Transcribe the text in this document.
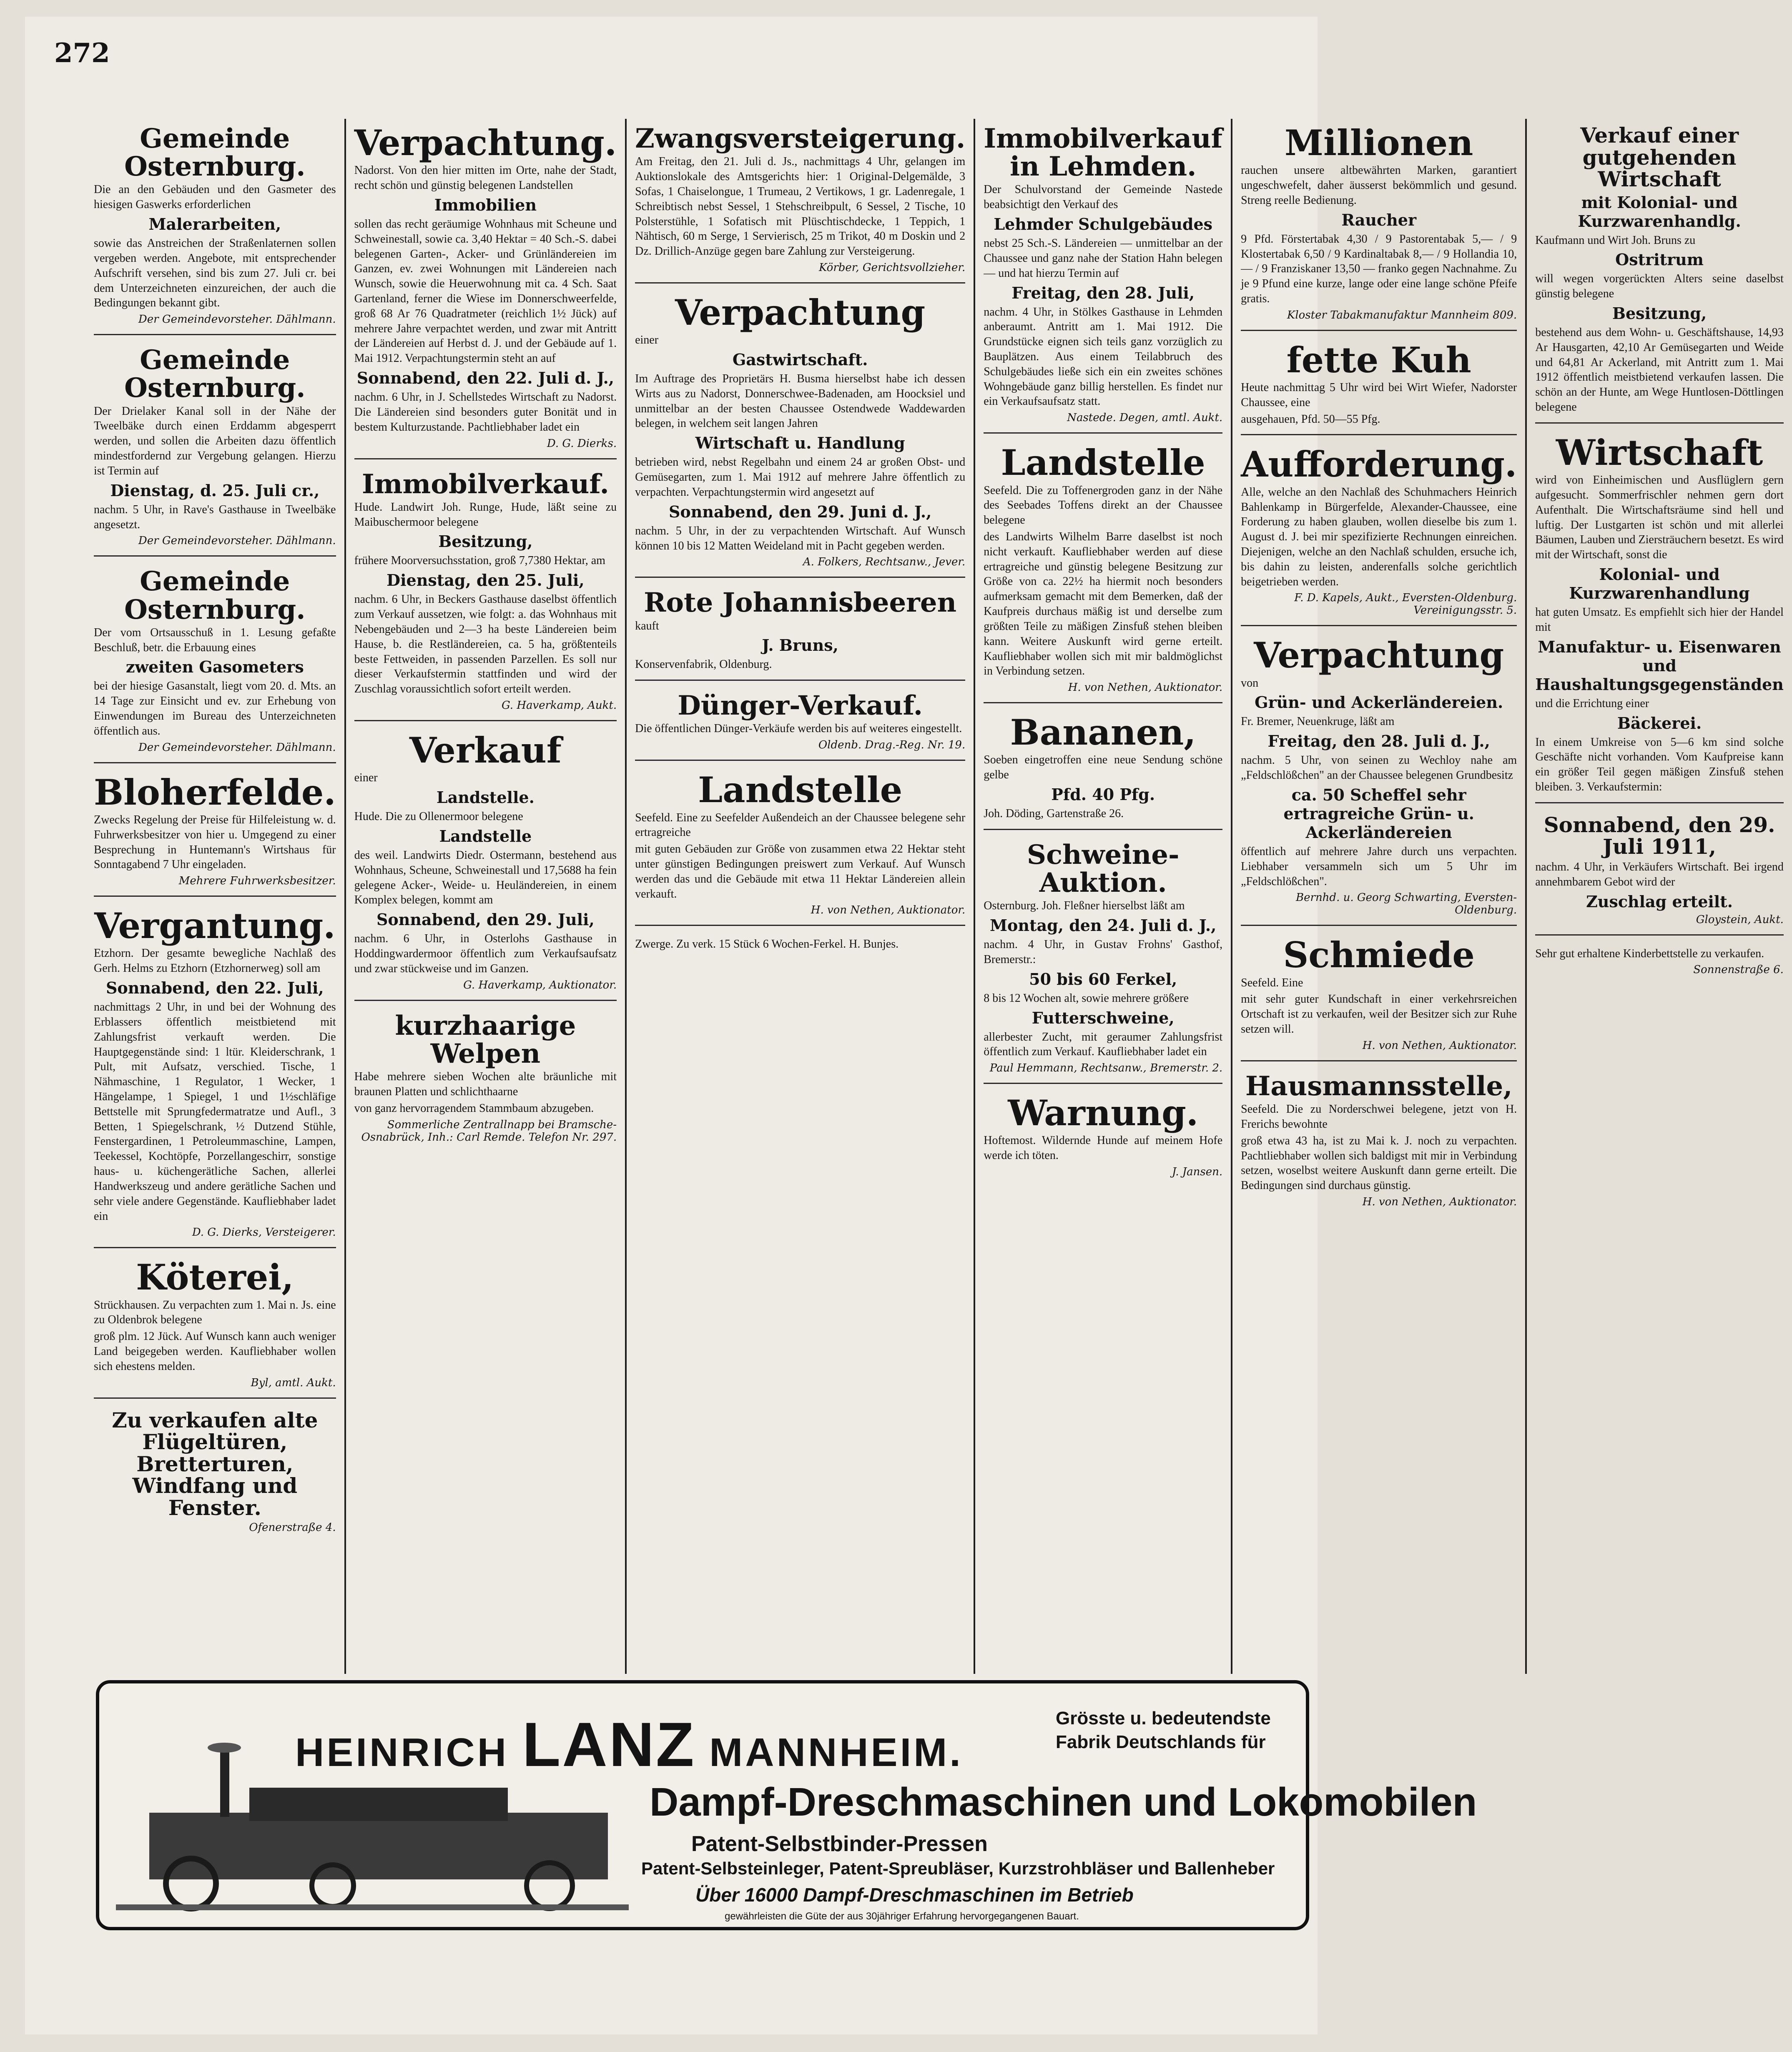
272
Gemeinde Osternburg.
Die an den Gebäuden und den Gasmeter des hiesigen Gaswerks erforderlichen
Malerarbeiten,
sowie das Anstreichen der Straßenlaternen sollen vergeben werden. Angebote, mit entsprechender Aufschrift versehen, sind bis zum 27. Juli cr. bei dem Unterzeichneten einzureichen, der auch die Bedingungen bekannt gibt.
Der Gemeindevorsteher. Dählmann.
Gemeinde Osternburg.
Der Drielaker Kanal soll in der Nähe der Tweelbäke durch einen Erddamm abgesperrt werden, und sollen die Arbeiten dazu öffentlich mindestfordernd zur Vergebung gelangen. Hierzu ist Termin auf
Dienstag, d. 25. Juli cr.,
nachm. 5 Uhr, in Rave's Gasthause in Tweelbäke angesetzt.
Der Gemeindevorsteher. Dählmann.
Gemeinde Osternburg.
Der vom Ortsausschuß in 1. Lesung gefaßte Beschluß, betr. die Erbauung eines
zweiten Gasometers
bei der hiesige Gasanstalt, liegt vom 20. d. Mts. an 14 Tage zur Einsicht und ev. zur Erhebung von Einwendungen im Bureau des Unterzeichneten öffentlich aus.
Der Gemeindevorsteher. Dählmann.
Bloherfelde.
Zwecks Regelung der Preise für Hilfeleistung w. d. Fuhrwerksbesitzer von hier u. Umgegend zu einer Besprechung in Huntemann's Wirtshaus für Sonntagabend 7 Uhr eingeladen.
Mehrere Fuhrwerksbesitzer.
Vergantung.
Etzhorn. Der gesamte bewegliche Nachlaß des Gerh. Helms zu Etzhorn (Etzhornerweg) soll am
Sonnabend, den 22. Juli,
nachmittags 2 Uhr, in und bei der Wohnung des Erblassers öffentlich meistbietend mit Zahlungsfrist verkauft werden. Die Hauptgegenstände sind: 1 ltür. Kleiderschrank, 1 Pult, mit Aufsatz, verschied. Tische, 1 Nähmaschine, 1 Regulator, 1 Wecker, 1 Hängelampe, 1 Spiegel, 1 und 1½schläfige Bettstelle mit Sprungfedermatratze und Aufl., 3 Betten, 1 Spiegelschrank, ½ Dutzend Stühle, Fenstergardinen, 1 Petroleummaschine, Lampen, Teekessel, Kochtöpfe, Porzellangeschirr, sonstige haus- u. küchengerätliche Sachen, allerlei Handwerkszeug und andere gerätliche Sachen und sehr viele andere Gegenstände. Kaufliebhaber ladet ein
D. G. Dierks, Versteigerer.
Köterei,
Strückhausen. Zu verpachten zum 1. Mai n. Js. eine zu Oldenbrok belegene
groß plm. 12 Jück. Auf Wunsch kann auch weniger Land beigegeben werden. Kaufliebhaber wollen sich ehestens melden.
Byl, amtl. Aukt.
Zu verkaufen alte Flügeltüren, Bretterturen, Windfang und Fenster.
Ofenerstraße 4.
Verpachtung.
Nadorst. Von den hier mitten im Orte, nahe der Stadt, recht schön und günstig belegenen Landstellen
Immobilien
sollen das recht geräumige Wohnhaus mit Scheune und Schweinestall, sowie ca. 3,40 Hektar = 40 Sch.-S. dabei belegenen Garten-, Acker- und Grünländereien im Ganzen, ev. zwei Wohnungen mit Ländereien nach Wunsch, sowie die Heuerwohnung mit ca. 4 Sch. Saat Gartenland, ferner die Wiese im Donnerschweerfelde, groß 68 Ar 76 Quadratmeter (reichlich 1½ Jück) auf mehrere Jahre verpachtet werden, und zwar mit Antritt der Ländereien auf Herbst d. J. und der Gebäude auf 1. Mai 1912. Verpachtungstermin steht an auf
Sonnabend, den 22. Juli d. J.,
nachm. 6 Uhr, in J. Schellstedes Wirtschaft zu Nadorst. Die Ländereien sind besonders guter Bonität und in bestem Kulturzustande. Pachtliebhaber ladet ein
D. G. Dierks.
Immobilverkauf.
Hude. Landwirt Joh. Runge, Hude, läßt seine zu Maibuschermoor belegene
Besitzung,
frühere Moorversuchsstation, groß 7,7380 Hektar, am
Dienstag, den 25. Juli,
nachm. 6 Uhr, in Beckers Gasthause daselbst öffentlich zum Verkauf aussetzen, wie folgt: a. das Wohnhaus mit Nebengebäuden und 2—3 ha beste Ländereien beim Hause, b. die Restländereien, ca. 5 ha, größtenteils beste Fettweiden, in passenden Parzellen. Es soll nur dieser Verkaufstermin stattfinden und wird der Zuschlag voraussichtlich sofort erteilt werden.
G. Haverkamp, Aukt.
Verkauf
einer
Landstelle.
Hude. Die zu Ollenermoor belegene
Landstelle
des weil. Landwirts Diedr. Ostermann, bestehend aus Wohnhaus, Scheune, Schweinestall und 17,5688 ha fein gelegene Acker-, Weide- u. Heuländereien, in einem Komplex belegen, kommt am
Sonnabend, den 29. Juli,
nachm. 6 Uhr, in Osterlohs Gasthause in Hoddingwardermoor öffentlich zum Verkaufsaufsatz und zwar stückweise und im Ganzen.
G. Haverkamp, Auktionator.
kurzhaarige Welpen
Habe mehrere sieben Wochen alte bräunliche mit braunen Platten und schlichthaarne
von ganz hervorragendem Stammbaum abzugeben.
Sommerliche Zentrallnapp bei Bramsche-Osnabrück, Inh.: Carl Remde. Telefon Nr. 297.
Zwangsversteigerung.
Am Freitag, den 21. Juli d. Js., nachmittags 4 Uhr, gelangen im Auktionslokale des Amtsgerichts hier: 1 Original-Delgemälde, 3 Sofas, 1 Chaiselongue, 1 Trumeau, 2 Vertikows, 1 gr. Ladenregale, 1 Schreibtisch nebst Sessel, 1 Stehschreibpult, 6 Sessel, 2 Tische, 10 Polsterstühle, 1 Sofatisch mit Plüschtischdecke, 1 Teppich, 1 Nähtisch, 60 m Serge, 1 Servierisch, 25 m Trikot, 40 m Doskin und 2 Dz. Drillich-Anzüge gegen bare Zahlung zur Versteigerung.
Körber, Gerichtsvollzieher.
Verpachtung
einer
Gastwirtschaft.
Im Auftrage des Proprietärs H. Busma hierselbst habe ich dessen Wirts aus zu Nadorst, Donnerschwee-Badenaden, am Hoocksiel und unmittelbar an der besten Chaussee Ostendwede Waddewarden belegen, in welchem seit langen Jahren
Wirtschaft u. Handlung
betrieben wird, nebst Regelbahn und einem 24 ar großen Obst- und Gemüsegarten, zum 1. Mai 1912 auf mehrere Jahre öffentlich zu verpachten. Verpachtungstermin wird angesetzt auf
Sonnabend, den 29. Juni d. J.,
nachm. 5 Uhr, in der zu verpachtenden Wirtschaft. Auf Wunsch können 10 bis 12 Matten Weideland mit in Pacht gegeben werden.
A. Folkers, Rechtsanw., Jever.
Rote Johannisbeeren
kauft
J. Bruns,
Konservenfabrik, Oldenburg.
Dünger-Verkauf.
Die öffentlichen Dünger-Verkäufe werden bis auf weiteres eingestellt.
Oldenb. Drag.-Reg. Nr. 19.
Landstelle
Seefeld. Eine zu Seefelder Außendeich an der Chaussee belegene sehr ertragreiche
mit guten Gebäuden zur Größe von zusammen etwa 22 Hektar steht unter günstigen Bedingungen preiswert zum Verkauf. Auf Wunsch werden das und die Gebäude mit etwa 11 Hektar Ländereien allein verkauft.
H. von Nethen, Auktionator.
Zwerge. Zu verk. 15 Stück 6 Wochen-Ferkel. H. Bunjes.
Immobilverkauf in Lehmden.
Der Schulvorstand der Gemeinde Nastede beabsichtigt den Verkauf des
Lehmder Schulgebäudes
nebst 25 Sch.-S. Ländereien — unmittelbar an der Chaussee und ganz nahe der Station Hahn belegen — und hat hierzu Termin auf
Freitag, den 28. Juli,
nachm. 4 Uhr, in Stölkes Gasthause in Lehmden anberaumt. Antritt am 1. Mai 1912. Die Grundstücke eignen sich teils ganz vorzüglich zu Bauplätzen. Aus einem Teilabbruch des Schulgebäudes ließe sich ein ein zweites schönes Wohngebäude ganz billig herstellen. Es findet nur ein Verkaufsaufsatz statt.
Nastede. Degen, amtl. Aukt.
Landstelle
Seefeld. Die zu Toffenergroden ganz in der Nähe des Seebades Toffens direkt an der Chaussee belegene
des Landwirts Wilhelm Barre daselbst ist noch nicht verkauft. Kaufliebhaber werden auf diese ertragreiche und günstig belegene Besitzung zur Größe von ca. 22½ ha hiermit noch besonders aufmerksam gemacht mit dem Bemerken, daß der Kaufpreis durchaus mäßig ist und derselbe zum größten Teile zu mäßigen Zinsfuß stehen bleiben kann. Weitere Auskunft wird gerne erteilt. Kaufliebhaber wollen sich mit mir baldmöglichst in Verbindung setzen.
H. von Nethen, Auktionator.
Bananen,
Soeben eingetroffen eine neue Sendung schöne gelbe
Pfd. 40 Pfg.
Joh. Döding, Gartenstraße 26.
Schweine-Auktion.
Osternburg. Joh. Fleßner hierselbst läßt am
Montag, den 24. Juli d. J.,
nachm. 4 Uhr, in Gustav Frohns' Gasthof, Bremerstr.:
50 bis 60 Ferkel,
8 bis 12 Wochen alt, sowie mehrere größere
Futterschweine,
allerbester Zucht, mit geraumer Zahlungsfrist öffentlich zum Verkauf. Kaufliebhaber ladet ein
Paul Hemmann, Rechtsanw., Bremerstr. 2.
Warnung.
Hoftemost. Wildernde Hunde auf meinem Hofe werde ich töten.
J. Jansen.
Millionen
rauchen unsere altbewährten Marken, garantiert ungeschwefelt, daher äusserst bekömmlich und gesund. Streng reelle Bedienung.
Raucher
9 Pfd. Förstertabak 4,30 / 9 Pastorentabak 5,— / 9 Klostertabak 6,50 / 9 Kardinaltabak 8,— / 9 Hollandia 10,— / 9 Franziskaner 13,50 — franko gegen Nachnahme. Zu je 9 Pfund eine kurze, lange oder eine lange schöne Pfeife gratis.
Kloster Tabakmanufaktur Mannheim 809.
fette Kuh
Heute nachmittag 5 Uhr wird bei Wirt Wiefer, Nadorster Chaussee, eine
ausgehauen, Pfd. 50—55 Pfg.
Aufforderung.
Alle, welche an den Nachlaß des Schuhmachers Heinrich Bahlenkamp in Bürgerfelde, Alexander-Chaussee, eine Forderung zu haben glauben, wollen dieselbe bis zum 1. August d. J. bei mir spezifizierte Rechnungen einreichen. Diejenigen, welche an den Nachlaß schulden, ersuche ich, bis dahin zu leisten, anderenfalls solche gerichtlich beigetrieben werden.
F. D. Kapels, Aukt., Eversten-Oldenburg. Vereinigungsstr. 5.
Verpachtung
von
Grün- und Ackerländereien.
Fr. Bremer, Neuenkruge, läßt am
Freitag, den 28. Juli d. J.,
nachm. 5 Uhr, von seinen zu Wechloy nahe am „Feldschlößchen" an der Chaussee belegenen Grundbesitz
ca. 50 Scheffel sehr ertragreiche Grün- u. Ackerländereien
öffentlich auf mehrere Jahre durch uns verpachten. Liebhaber versammeln sich um 5 Uhr im „Feldschlößchen".
Bernhd. u. Georg Schwarting, Eversten-Oldenburg.
Schmiede
Seefeld. Eine
mit sehr guter Kundschaft in einer verkehrsreichen Ortschaft ist zu verkaufen, weil der Besitzer sich zur Ruhe setzen will.
H. von Nethen, Auktionator.
Hausmannsstelle,
Seefeld. Die zu Norderschwei belegene, jetzt von H. Frerichs bewohnte
groß etwa 43 ha, ist zu Mai k. J. noch zu verpachten. Pachtliebhaber wollen sich baldigst mit mir in Verbindung setzen, woselbst weitere Auskunft dann gerne erteilt. Die Bedingungen sind durchaus günstig.
H. von Nethen, Auktionator.
Verkauf einer gutgehenden Wirtschaft
mit Kolonial- und Kurzwarenhandlg.
Kaufmann und Wirt Joh. Bruns zu
Ostritrum
will wegen vorgerückten Alters seine daselbst günstig belegene
Besitzung,
bestehend aus dem Wohn- u. Geschäftshause, 14,93 Ar Hausgarten, 42,10 Ar Gemüsegarten und Weide und 64,81 Ar Ackerland, mit Antritt zum 1. Mai 1912 öffentlich meistbietend verkaufen lassen. Die schön an der Hunte, am Wege Huntlosen-Döttlingen belegene
Wirtschaft
wird von Einheimischen und Ausflüglern gern aufgesucht. Sommerfrischler nehmen gern dort Aufenthalt. Die Wirtschaftsräume sind hell und luftig. Der Lustgarten ist schön und mit allerlei Bäumen, Lauben und Ziersträuchern besetzt. Es wird mit der Wirtschaft, sonst die
Kolonial- und Kurzwarenhandlung
hat guten Umsatz. Es empfiehlt sich hier der Handel mit
Manufaktur- u. Eisenwaren und Haushaltungsgegenständen
und die Errichtung einer
Bäckerei.
In einem Umkreise von 5—6 km sind solche Geschäfte nicht vorhanden. Vom Kaufpreise kann ein größer Teil gegen mäßigen Zinsfuß stehen bleiben. 3. Verkaufstermin:
Sonnabend, den 29. Juli 1911,
nachm. 4 Uhr, in Verkäufers Wirtschaft. Bei irgend annehmbarem Gebot wird der
Zuschlag erteilt.
Gloystein, Aukt.
Sehr gut erhaltene Kinderbettstelle zu verkaufen.
Sonnenstraße 6.
HEINRICH LANZ MANNHEIM.
Grösste u. bedeutendste Fabrik Deutschlands für
Dampf-Dreschmaschinen und Lokomobilen
Patent-Selbstbinder-Pressen
Patent-Selbsteinleger, Patent-Spreubläser, Kurzstrohbläser und Ballenheber
Über 16000 Dampf-Dreschmaschinen im Betrieb
gewährleisten die Güte der aus 30jähriger Erfahrung hervorgegangenen Bauart.
